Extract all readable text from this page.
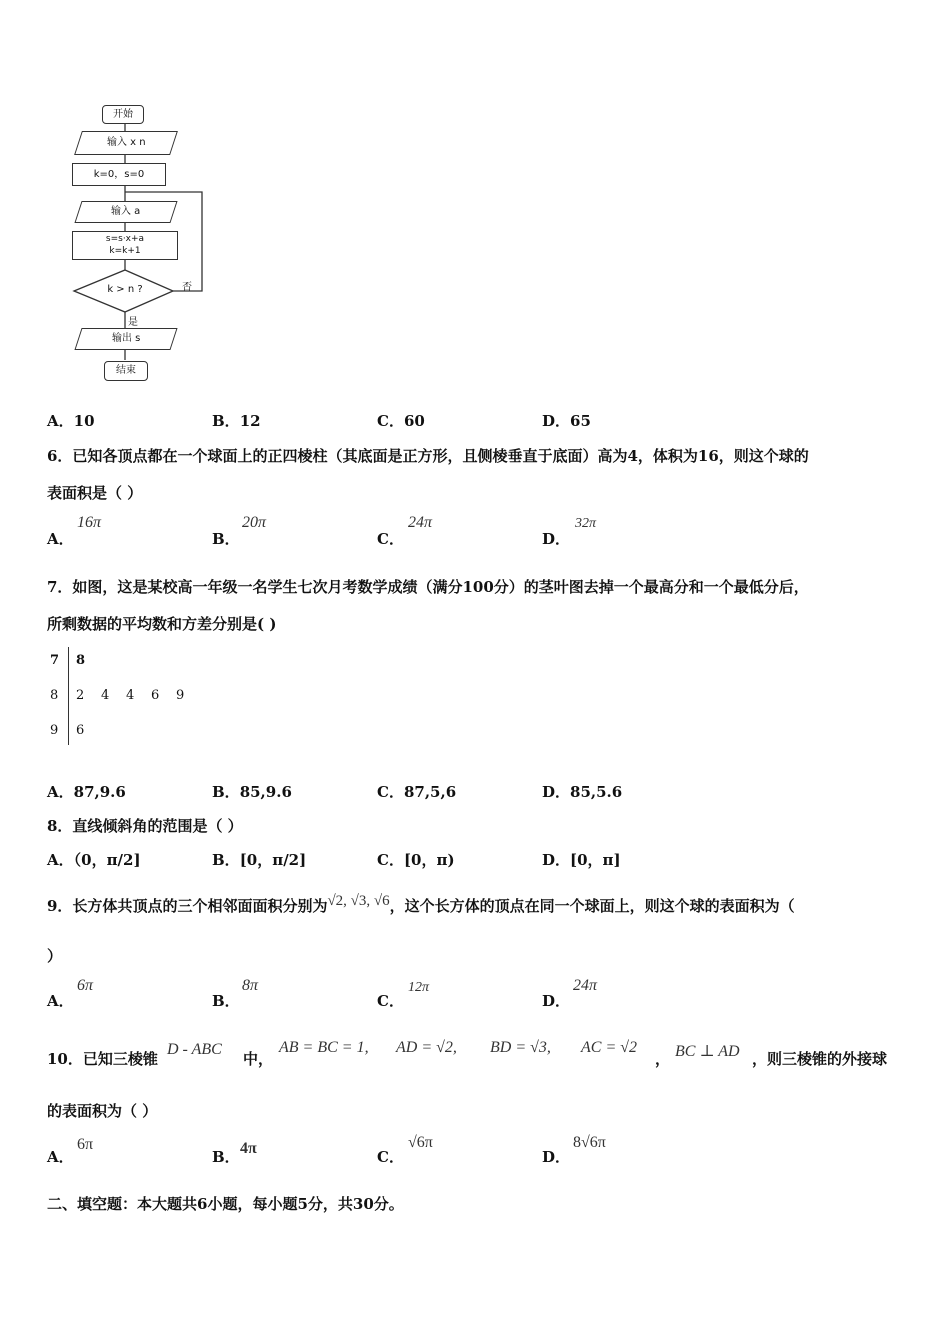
开始
输入 x n
k=0，s=0
输入 a
s=s·x+a
k=k+1
k > n ?	否
是
输出 s
结束
A．10	B．12	C．60	D．65
6．已知各顶点都在一个球面上的正四棱柱（其底面是正方形，且侧棱垂直于底面）高为4，体积为16，则这个球的
表面积是（ ）
A．
16π
B．
20π
C．
24π
D．
32π
7．如图，这是某校高一年级一名学生七次月考数学成绩（满分100分）的茎叶图去掉一个最高分和一个最低分后，
所剩数据的平均数和方差分别是( )
7 8
8 2 4 4 6 9
9 6
A．87,9.6	B．85,9.6	C．87,5,6	D．85,5.6
8．直线倾斜角的范围是（ ）
A．（0，π/2]	B．[0，π/2]	C．[0，π)	D．[0，π]
9．长方体共顶点的三个相邻面面积分别为√2, √3, √6，这个长方体的顶点在同一个球面上，则这个球的表面积为（
）
A．
6π
B．
8π
C．
12π
D．
24π
10．已知三棱锥
D - ABC
中，
AB = BC = 1, AD = √2, BD = √3, AC = √2
， BC ⊥ AD ，则三棱锥的外接球
的表面积为（ ）
A．
6π
B． 4π	C．
√6π
D．
8√6π
二、填空题：本大题共6小题，每小题5分，共30分。
